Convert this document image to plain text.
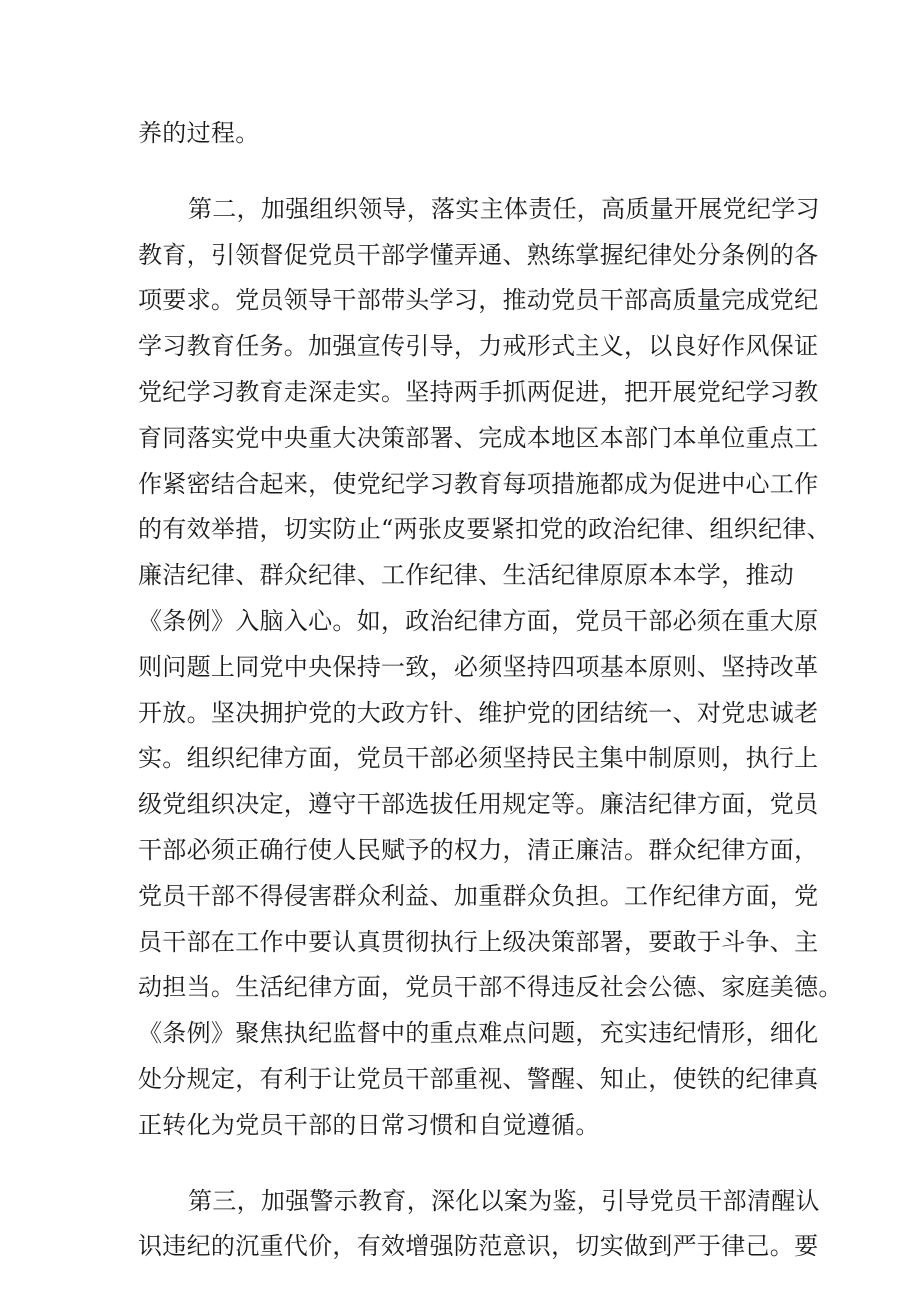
养的过程。
第二，加强组织领导，落实主体责任，高质量开展党纪学习
教育，引领督促党员干部学懂弄通、熟练掌握纪律处分条例的各
项要求。党员领导干部带头学习，推动党员干部高质量完成党纪
学习教育任务。加强宣传引导，力戒形式主义，以良好作风保证
党纪学习教育走深走实。坚持两手抓两促进，把开展党纪学习教
育同落实党中央重大决策部署、完成本地区本部门本单位重点工
作紧密结合起来，使党纪学习教育每项措施都成为促进中心工作
的有效举措，切实防止“两张皮要紧扣党的政治纪律、组织纪律、
廉洁纪律、群众纪律、工作纪律、生活纪律原原本本学，推动
《条例》入脑入心。如，政治纪律方面，党员干部必须在重大原
则问题上同党中央保持一致，必须坚持四项基本原则、坚持改革
开放。坚决拥护党的大政方针、维护党的团结统一、对党忠诚老
实。组织纪律方面，党员干部必须坚持民主集中制原则，执行上
级党组织决定，遵守干部选拔任用规定等。廉洁纪律方面，党员
干部必须正确行使人民赋予的权力，清正廉洁。群众纪律方面，
党员干部不得侵害群众利益、加重群众负担。工作纪律方面，党
员干部在工作中要认真贯彻执行上级决策部署，要敢于斗争、主
动担当。生活纪律方面，党员干部不得违反社会公德、家庭美德。
《条例》聚焦执纪监督中的重点难点问题，充实违纪情形，细化
处分规定，有利于让党员干部重视、警醒、知止，使铁的纪律真
正转化为党员干部的日常习惯和自觉遵循。
第三，加强警示教育，深化以案为鉴，引导党员干部清醒认
识违纪的沉重代价，有效增强防范意识，切实做到严于律己。要
